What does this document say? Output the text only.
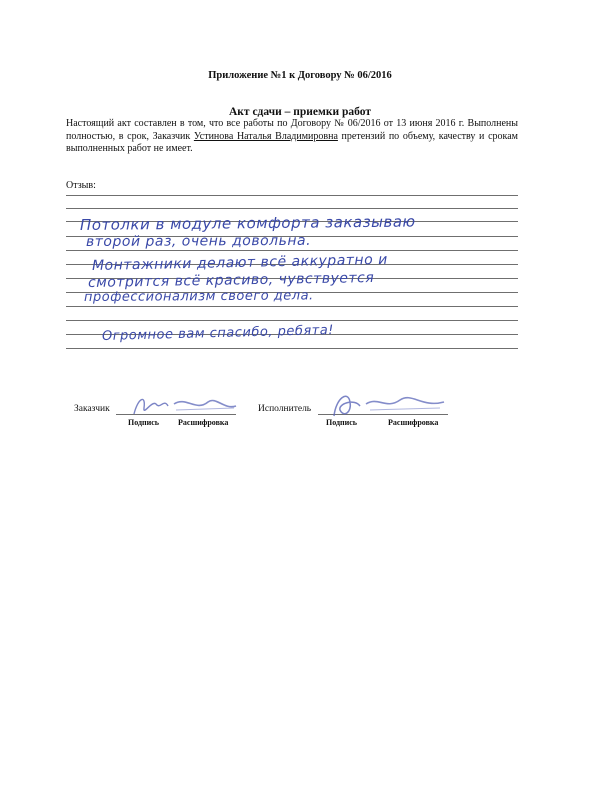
Приложение №1 к Договору № 06/2016
Акт сдачи – приемки работ
Настоящий акт составлен в том, что все работы по Договору № 06/2016 от 13 июня 2016 г. Выполнены полностью, в срок, Заказчик Устинова Наталья Владимировна претензий по объему, качеству и срокам выполненных работ не имеет.
Отзыв:
Потолки в модуле комфорта заказываю
второй раз, очень довольна.
Монтажники делают всё аккуратно и
смотрится всё красиво, чувствуется
профессионализм своего дела.
Огромное вам спасибо, ребята!
Заказчик
Подпись Расшифровка
Исполнитель
Подпись	Расшифровка
